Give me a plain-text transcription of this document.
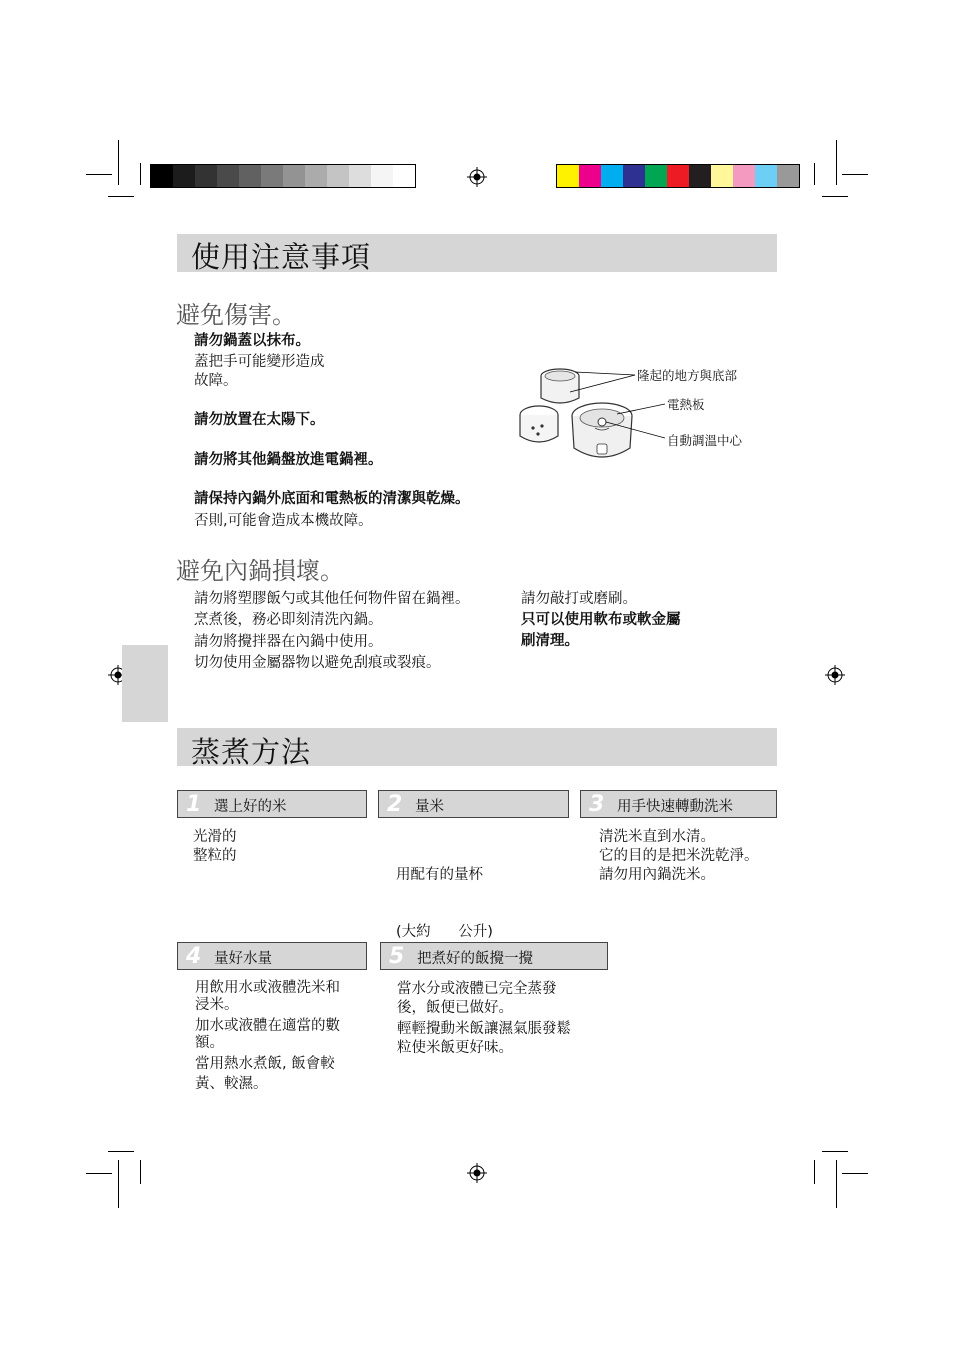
使用注意事項
避免傷害。
請勿鍋蓋以抹布。
蓋把手可能變形造成
故障。
請勿放置在太陽下。
請勿將其他鍋盤放進電鍋裡。
請保持內鍋外底面和電熱板的清潔與乾燥。
否則,可能會造成本機故障。
隆起的地方與底部
電熱板
自動調溫中心
避免內鍋損壞。
請勿將塑膠飯勺或其他任何物件留在鍋裡。
烹煮後，務必即刻清洗內鍋。
請勿將攪拌器在內鍋中使用。
切勿使用金屬器物以避免刮痕或裂痕。
請勿敲打或磨刷。
只可以使用軟布或軟金屬
刷清理。
蒸煮方法
1 選上好的米
光滑的
整粒的
2 量米

用配有的量杯

(大約      公升)

3 用手快速轉動洗米
清洗米直到水清。
它的目的是把米洗乾淨。
請勿用內鍋洗米。
4 量好水量
用飲用水或液體洗米和
浸米。
加水或液體在適當的數
額。
當用熱水煮飯, 飯會較
黃、較濕。
5 把煮好的飯攪一攪
當水分或液體已完全蒸發
後，飯便已做好。
輕輕攪動米飯讓濕氣脹發鬆
粒使米飯更好味。
